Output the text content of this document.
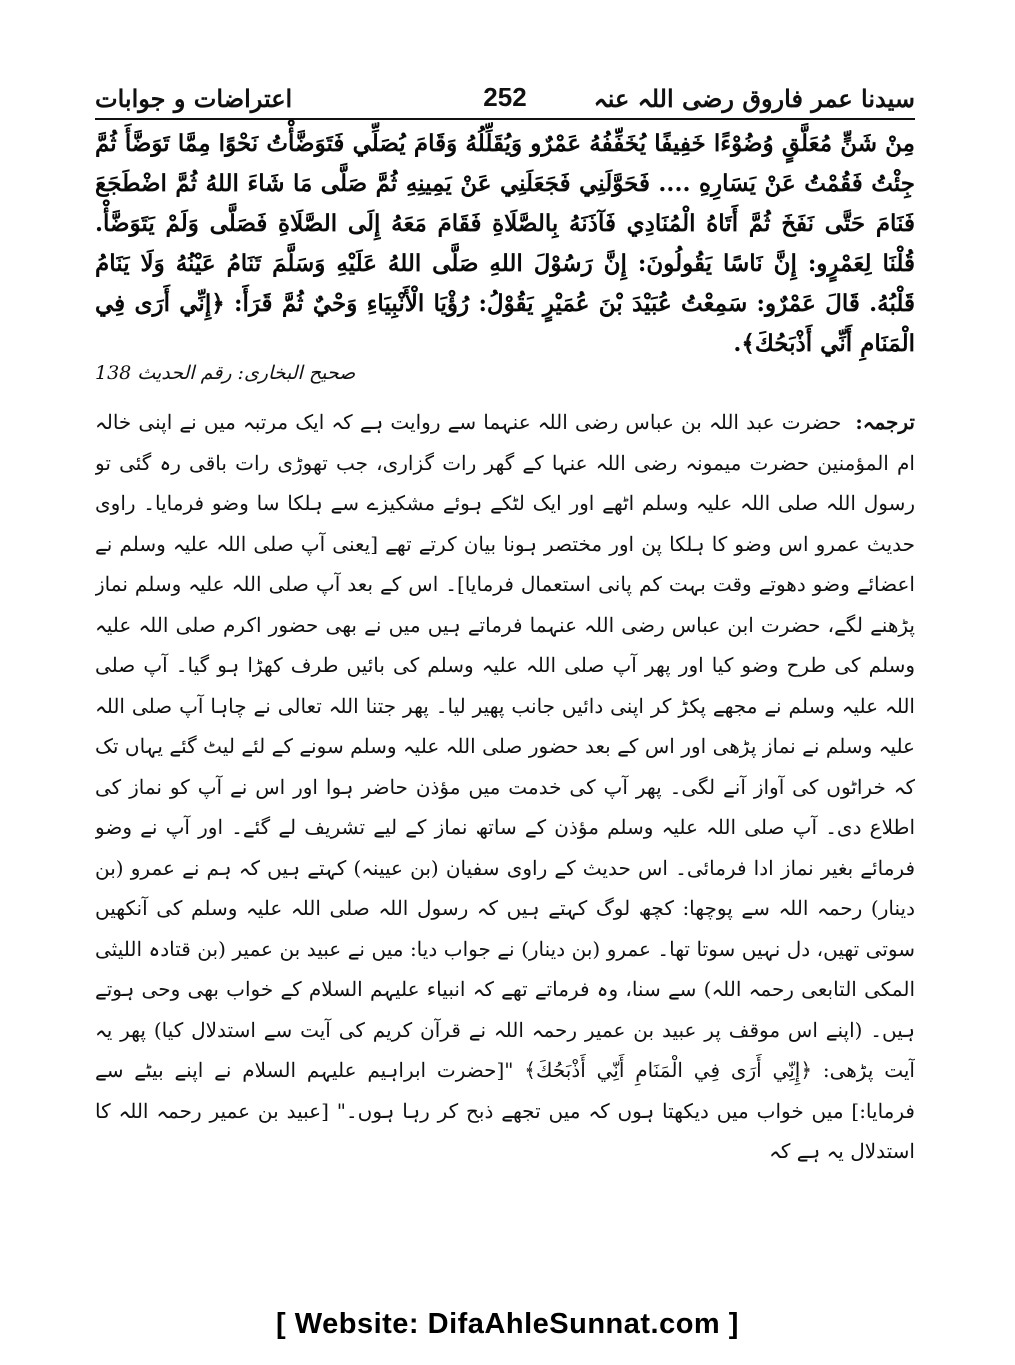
سیدنا عمر فاروق رضی اللہ عنہ
252
اعتراضات و جوابات
مِنْ شَنٍّ مُعَلَّقٍ وُضُوْءًا خَفِيفًا يُخَفِّفُهُ عَمْرٌو وَيُقَلِّلُهُ وَقَامَ يُصَلِّي فَتَوَضَّأْتُ نَحْوًا مِمَّا تَوَضَّأَ ثُمَّ جِئْتُ فَقُمْتُ عَنْ يَسَارِهِ .... فَحَوَّلَنِي فَجَعَلَنِي عَنْ يَمِينِهِ ثُمَّ صَلَّى مَا شَاءَ اللهُ ثُمَّ اضْطَجَعَ فَنَامَ حَتَّى نَفَخَ ثُمَّ أَتَاهُ الْمُنَادِي فَآذَنَهُ بِالصَّلَاةِ فَقَامَ مَعَهُ إِلَى الصَّلَاةِ فَصَلَّى وَلَمْ يَتَوَضَّأْ. قُلْنَا لِعَمْرٍو: إِنَّ نَاسًا يَقُولُونَ: إِنَّ رَسُوْلَ اللهِ صَلَّى اللهُ عَلَيْهِ وَسَلَّمَ تَنَامُ عَيْنُهُ وَلَا يَنَامُ قَلْبُهُ. قَالَ عَمْرٌو: سَمِعْتُ عُبَيْدَ بْنَ عُمَيْرٍ يَقُوْلُ: رُؤْيَا الْأَنْبِيَاءِ وَحْيٌ ثُمَّ قَرَأَ: ﴿إِنِّي أَرَى فِي الْمَنَامِ أَنِّي أَذْبَحُكَ﴾.
صحیح البخاری: رقم الحدیث 138
ترجمہ:حضرت عبد اللہ بن عباس رضی اللہ عنہما سے روایت ہے کہ ایک مرتبہ میں نے اپنی خالہ ام المؤمنین حضرت میمونہ رضی اللہ عنہا کے گھر رات گزاری، جب تھوڑی رات باقی رہ گئی تو رسول اللہ صلی اللہ علیہ وسلم اٹھے اور ایک لٹکے ہوئے مشکیزے سے ہلکا سا وضو فرمایا۔ راوی حدیث عمرو اس وضو کا ہلکا پن اور مختصر ہونا بیان کرتے تھے [یعنی آپ صلی اللہ علیہ وسلم نے اعضائے وضو دھوتے وقت بہت کم پانی استعمال فرمایا]۔ اس کے بعد آپ صلی اللہ علیہ وسلم نماز پڑھنے لگے، حضرت ابن عباس رضی اللہ عنہما فرماتے ہیں میں نے بھی حضور اکرم صلی اللہ علیہ وسلم کی طرح وضو کیا اور پھر آپ صلی اللہ علیہ وسلم کی بائیں طرف کھڑا ہو گیا۔ آپ صلی اللہ علیہ وسلم نے مجھے پکڑ کر اپنی دائیں جانب پھیر لیا۔ پھر جتنا اللہ تعالی نے چاہا آپ صلی اللہ علیہ وسلم نے نماز پڑھی اور اس کے بعد حضور صلی اللہ علیہ وسلم سونے کے لئے لیٹ گئے یہاں تک کہ خراٹوں کی آواز آنے لگی۔ پھر آپ کی خدمت میں مؤذن حاضر ہوا اور اس نے آپ کو نماز کی اطلاع دی۔ آپ صلی اللہ علیہ وسلم مؤذن کے ساتھ نماز کے لیے تشریف لے گئے۔ اور آپ نے وضو فرمائے بغیر نماز ادا فرمائی۔ اس حدیث کے راوی سفیان (بن عیینہ) کہتے ہیں کہ ہم نے عمرو (بن دینار) رحمہ اللہ سے پوچھا: کچھ لوگ کہتے ہیں کہ رسول اللہ صلی اللہ علیہ وسلم کی آنکھیں سوتی تھیں، دل نہیں سوتا تھا۔ عمرو (بن دینار) نے جواب دیا: میں نے عبید بن عمیر (بن قتادہ اللیثی المکی التابعی رحمہ اللہ) سے سنا، وہ فرماتے تھے کہ انبیاء علیہم السلام کے خواب بھی وحی ہوتے ہیں۔ (اپنے اس موقف پر عبید بن عمیر رحمہ اللہ نے قرآن کریم کی آیت سے استدلال کیا) پھر یہ آیت پڑھی: ﴿إِنِّي أَرَى فِي الْمَنَامِ أَنِّي أَذْبَحُكَ﴾ "[حضرت ابراہیم علیہم السلام نے اپنے بیٹے سے فرمایا:] میں خواب میں دیکھتا ہوں کہ میں تجھے ذبح کر رہا ہوں۔" [عبید بن عمیر رحمہ اللہ کا استدلال یہ ہے کہ
[ Website: DifaAhleSunnat.com ]
